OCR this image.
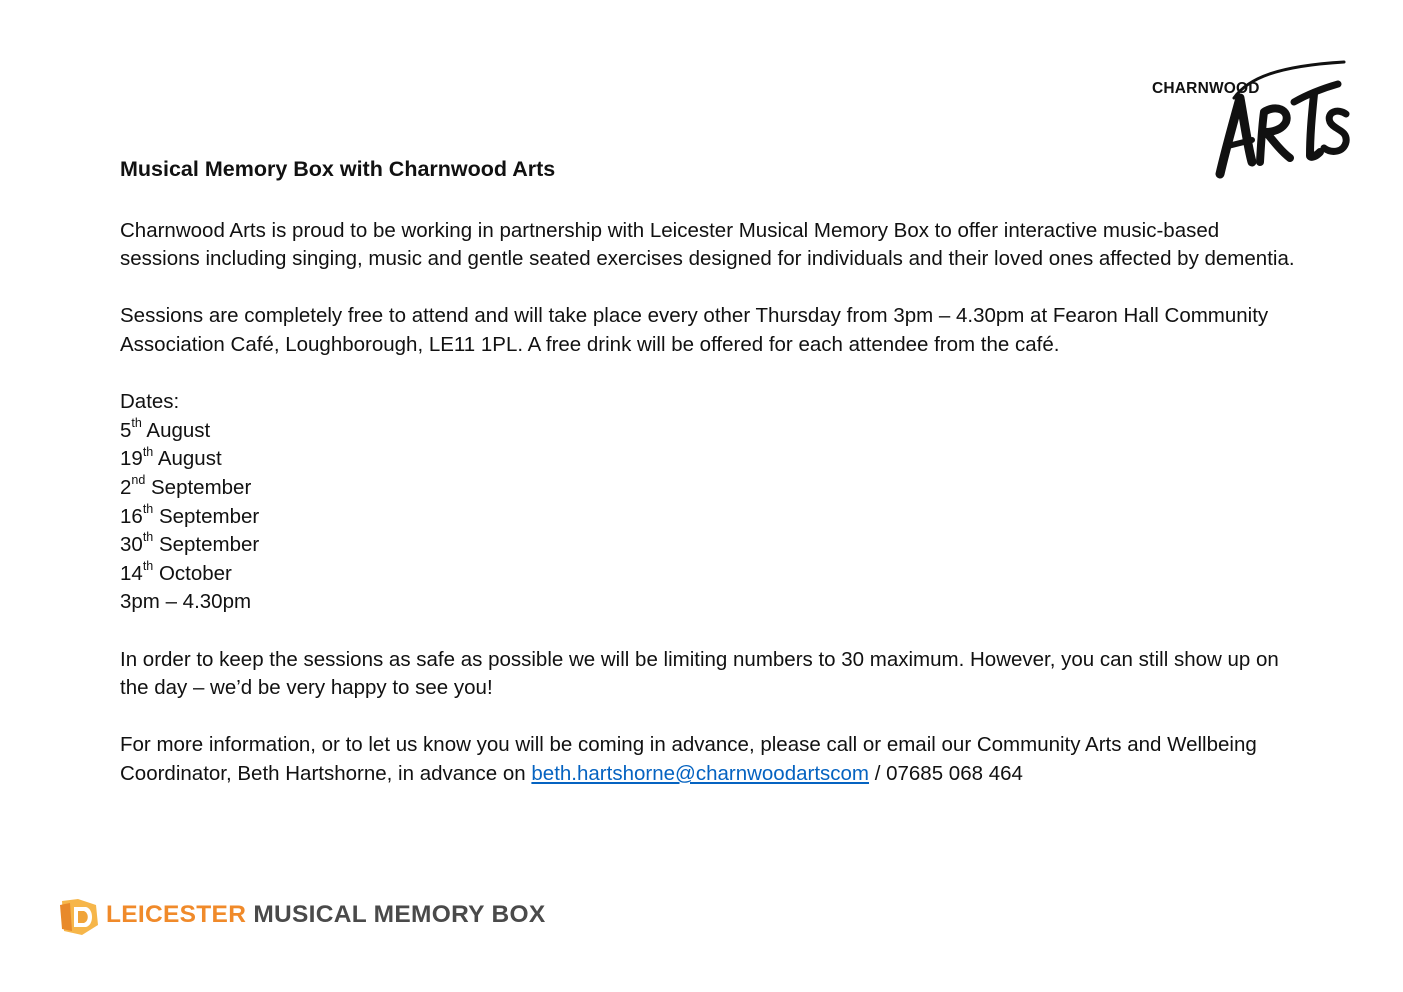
CHARNWOOD
Musical Memory Box with Charnwood Arts
Charnwood Arts is proud to be working in partnership with Leicester Musical Memory Box to offer interactive music-based sessions including singing, music and gentle seated exercises designed for individuals and their loved ones affected by dementia.
Sessions are completely free to attend and will take place every other Thursday from 3pm – 4.30pm at Fearon Hall Community Association Café, Loughborough, LE11 1PL. A free drink will be offered for each attendee from the café.
Dates:
5th August
19th August
2nd September
16th September
30th September
14th October
3pm – 4.30pm
In order to keep the sessions as safe as possible we will be limiting numbers to 30 maximum. However, you can still show up on the day – we’d be very happy to see you!
For more information, or to let us know you will be coming in advance, please call or email our Community Arts and Wellbeing Coordinator, Beth Hartshorne, in advance on beth.hartshorne@charnwoodartscom / 07685 068 464
LEICESTER MUSICAL MEMORY BOX
